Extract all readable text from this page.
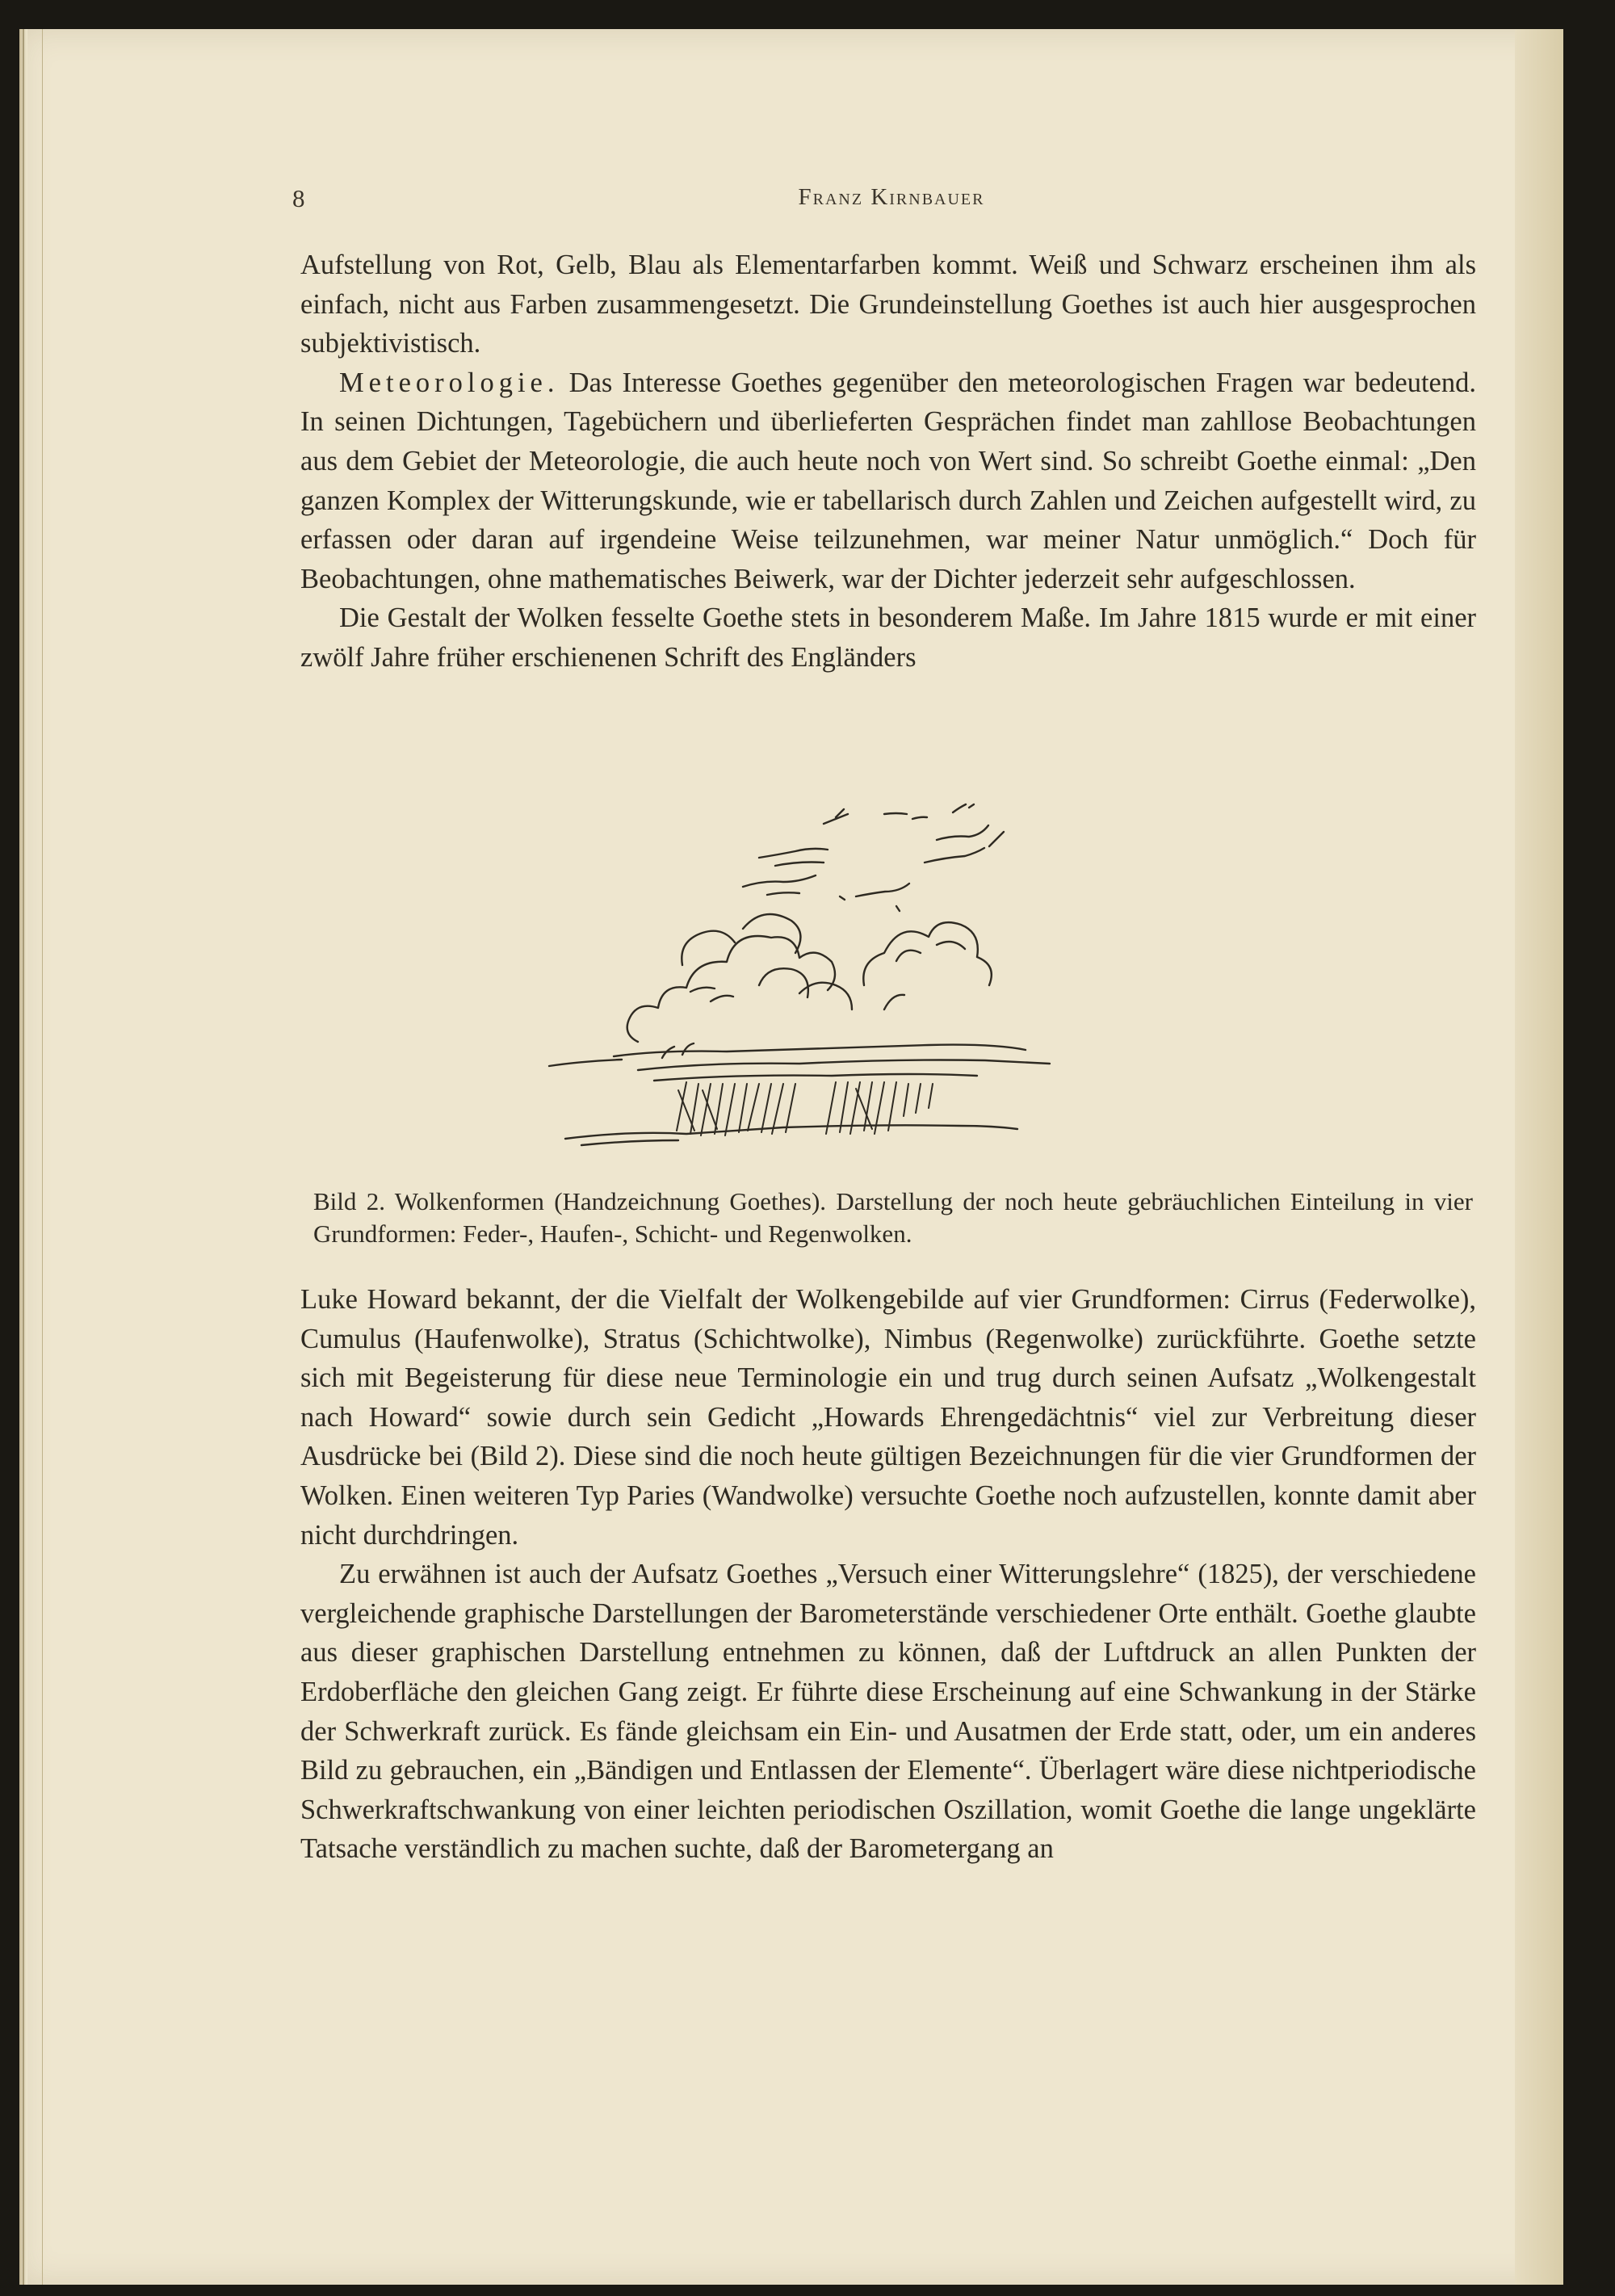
8	Franz Kirnbauer

Aufstellung von Rot, Gelb, Blau als Elementarfarben kommt. Weiß und Schwarz erscheinen ihm als einfach, nicht aus Farben zusammengesetzt. Die Grundeinstellung Goethes ist auch hier ausgesprochen subjektivistisch.

Meteorologie. Das Interesse Goethes gegenüber den meteorologischen Fragen war bedeutend. In seinen Dichtungen, Tagebüchern und überlieferten Gesprächen findet man zahllose Beobachtungen aus dem Gebiet der Meteorologie, die auch heute noch von Wert sind. So schreibt Goethe einmal: „Den ganzen Komplex der Witterungskunde, wie er tabellarisch durch Zahlen und Zeichen aufgestellt wird, zu erfassen oder daran auf irgendeine Weise teilzunehmen, war meiner Natur unmöglich.“ Doch für Beobachtungen, ohne mathematisches Beiwerk, war der Dichter jederzeit sehr aufgeschlossen.

Die Gestalt der Wolken fesselte Goethe stets in besonderem Maße. Im Jahre 1815 wurde er mit einer zwölf Jahre früher erschienenen Schrift des Engländers

Bild 2. Wolkenformen (Handzeichnung Goethes). Darstellung der noch heute gebräuchlichen Einteilung in vier Grundformen: Feder-, Haufen-, Schicht- und Regenwolken.

Luke Howard bekannt, der die Vielfalt der Wolkengebilde auf vier Grundformen: Cirrus (Federwolke), Cumulus (Haufenwolke), Stratus (Schichtwolke), Nimbus (Regenwolke) zurückführte. Goethe setzte sich mit Begeisterung für diese neue Terminologie ein und trug durch seinen Aufsatz „Wolkengestalt nach Howard“ sowie durch sein Gedicht „Howards Ehrengedächtnis“ viel zur Verbreitung dieser Ausdrücke bei (Bild 2). Diese sind die noch heute gültigen Bezeichnungen für die vier Grundformen der Wolken. Einen weiteren Typ Paries (Wandwolke) versuchte Goethe noch aufzustellen, konnte damit aber nicht durchdringen.

Zu erwähnen ist auch der Aufsatz Goethes „Versuch einer Witterungslehre“ (1825), der verschiedene vergleichende graphische Darstellungen der Barometerstände verschiedener Orte enthält. Goethe glaubte aus dieser graphischen Darstellung entnehmen zu können, daß der Luftdruck an allen Punkten der Erdoberfläche den gleichen Gang zeigt. Er führte diese Erscheinung auf eine Schwankung in der Stärke der Schwerkraft zurück. Es fände gleichsam ein Ein- und Ausatmen der Erde statt, oder, um ein anderes Bild zu gebrauchen, ein „Bändigen und Entlassen der Elemente“. Überlagert wäre diese nichtperiodische Schwerkraftschwankung von einer leichten periodischen Oszillation, womit Goethe die lange ungeklärte Tatsache verständlich zu machen suchte, daß der Barometergang an
